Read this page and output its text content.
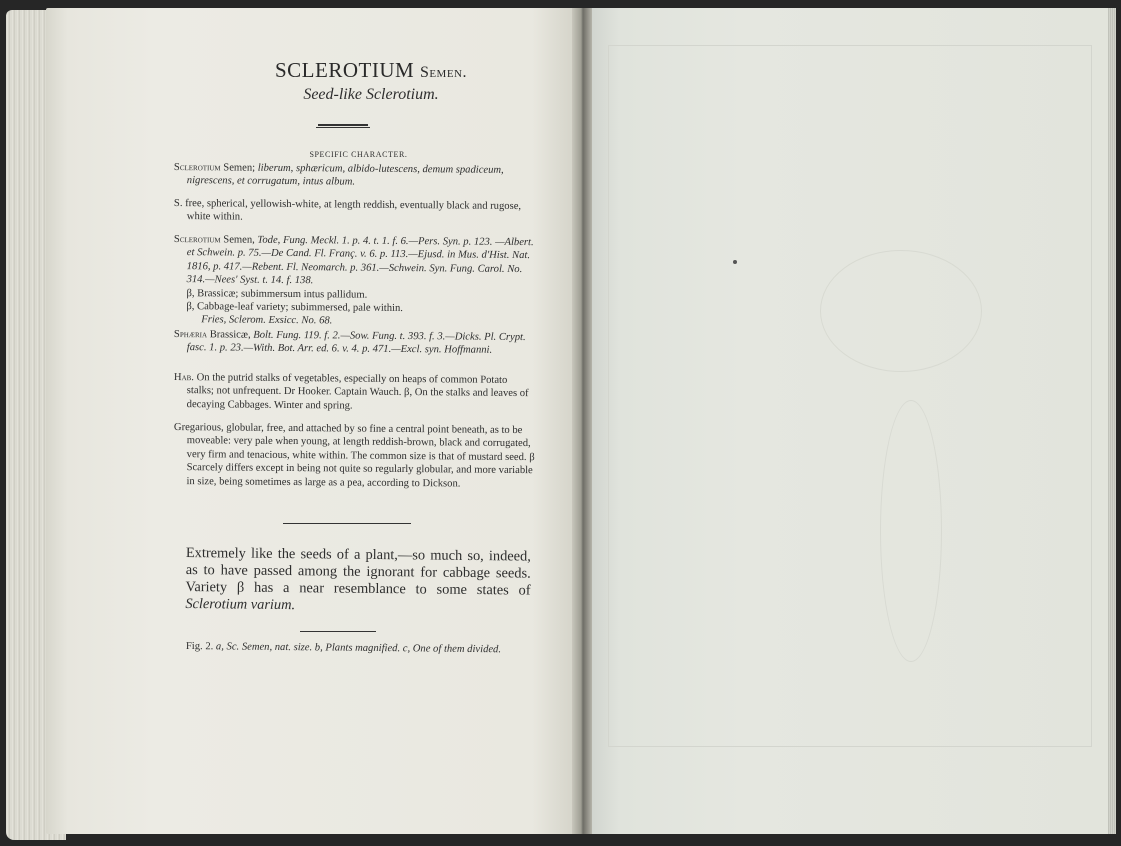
SCLEROTIUM Semen.
Seed-like Sclerotium.
SPECIFIC CHARACTER.

Sclerotium Semen; liberum, sphæricum, albido-lutescens, demum spadiceum, nigrescens, et corrugatum, intus album.

S. free, spherical, yellowish-white, at length reddish, eventually black and rugose, white within.

Sclerotium Semen, Tode, Fung. Meckl. 1. p. 4. t. 1. f. 6.—Pers. Syn. p. 123. —Albert. et Schwein. p. 75.—De Cand. Fl. Franç. v. 6. p. 113.—Ejusd. in Mus. d'Hist. Nat. 1816, p. 417.—Rebent. Fl. Neomarch. p. 361.—Schwein. Syn. Fung. Carol. No. 314.—Nees' Syst. t. 14. f. 138.

β, Brassicæ; subimmersum intus pallidum.

β, Cabbage-leaf variety; subimmersed, pale within.

Fries, Sclerom. Exsicc. No. 68.

Sphæria Brassicæ, Bolt. Fung. 119. f. 2.—Sow. Fung. t. 393. f. 3.—Dicks. Pl. Crypt. fasc. 1. p. 23.—With. Bot. Arr. ed. 6. v. 4. p. 471.—Excl. syn. Hoffmanni.

Hab. On the putrid stalks of vegetables, especially on heaps of common Potato stalks; not unfrequent. Dr Hooker. Captain Wauch. β, On the stalks and leaves of decaying Cabbages. Winter and spring.

Gregarious, globular, free, and attached by so fine a central point beneath, as to be moveable: very pale when young, at length reddish-brown, black and corrugated, very firm and tenacious, white within. The common size is that of mustard seed. β Scarcely differs except in being not quite so regularly globular, and more variable in size, being sometimes as large as a pea, according to Dickson.

Extremely like the seeds of a plant,—so much so, indeed, as to have passed among the ignorant for cabbage seeds. Variety β has a near resemblance to some states of Sclerotium varium.

Fig. 2. a, Sc. Semen, nat. size. b, Plants magnified. c, One of them divided.
